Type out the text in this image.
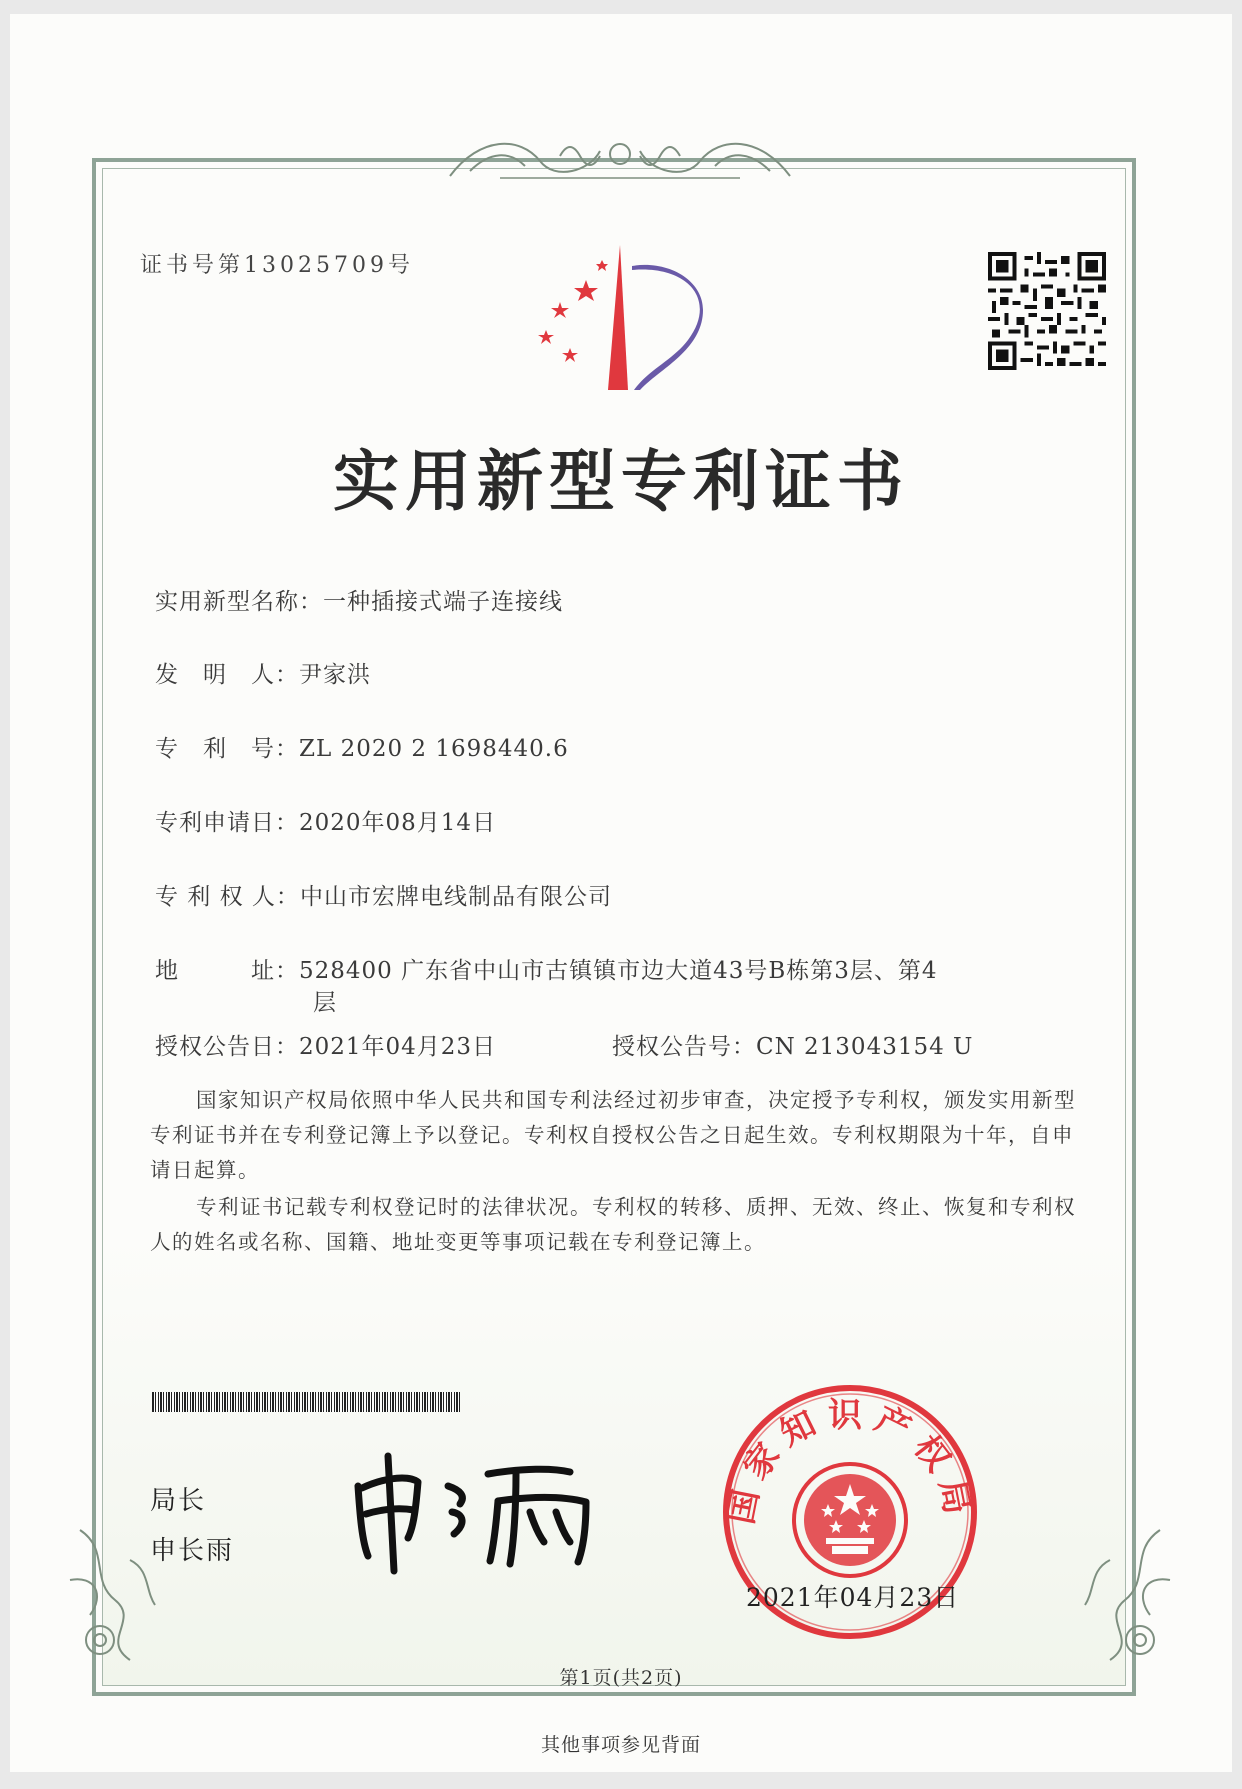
证书号第13025709号
实用新型专利证书
实用新型名称：一种插接式端子连接线
发　明　人：尹家洪
专　利　号：ZL 2020 2 1698440.6
专利申请日：2020年08月14日
专 利 权 人：中山市宏牌电线制品有限公司
地　　　址：528400 广东省中山市古镇镇市边大道43号B栋第3层、第4
层
授权公告日：2021年04月23日	授权公告号：CN 213043154 U
国家知识产权局依照中华人民共和国专利法经过初步审查，决定授予专利权，颁发实用新型专利证书并在专利登记簿上予以登记。专利权自授权公告之日起生效。专利权期限为十年，自申请日起算。
专利证书记载专利权登记时的法律状况。专利权的转移、质押、无效、终止、恢复和专利权人的姓名或名称、国籍、地址变更等事项记载在专利登记簿上。
局长
申长雨
国家知识产权局
2021年04月23日
第1页(共2页)
其他事项参见背面
